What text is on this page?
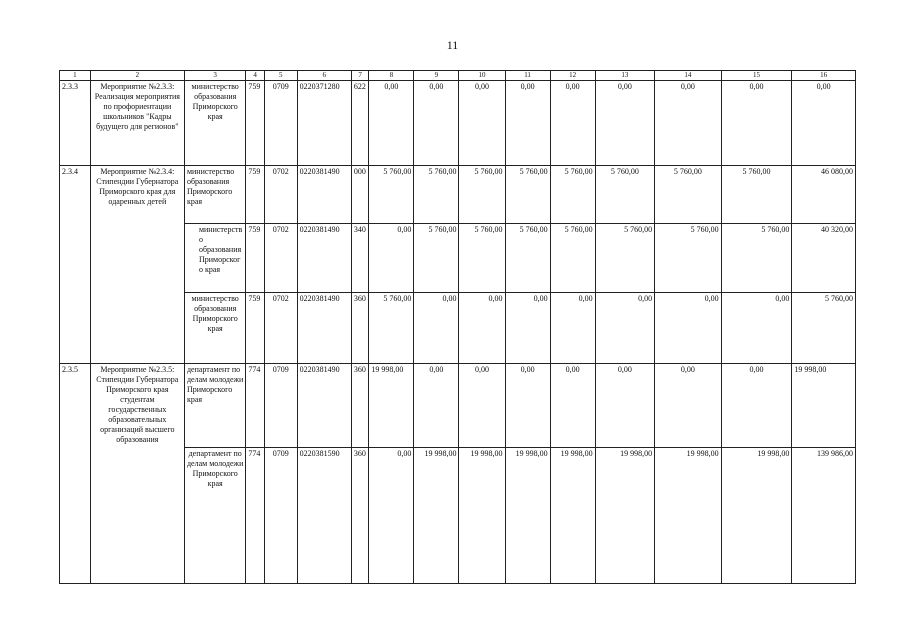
11
1	2	3	4	5	6	7	8	9	10	11	12	13	14	15	16
2.3.3	Мероприятие №2.3.3: Реализация мероприятия по профориентации школьников "Кадры будущего для регионов"	министерство образования Приморского края	759	0709	0220371280	622	0,00	0,00	0,00	0,00	0,00	0,00	0,00	0,00	0,00
2.3.4	Мероприятие №2.3.4: Стипендии Губернатора Приморского края для одаренных детей	министерство образования Приморского края	759	0702	0220381490	000	5 760,00	5 760,00	5 760,00	5 760,00	5 760,00	5 760,00	5 760,00	5 760,00	46 080,00
		министерство образования Приморского края	759	0702	0220381490	340	0,00	5 760,00	5 760,00	5 760,00	5 760,00	5 760,00	5 760,00	5 760,00	40 320,00
		министерство образования Приморского края	759	0702	0220381490	360	5 760,00	0,00	0,00	0,00	0,00	0,00	0,00	0,00	5 760,00
2.3.5	Мероприятие №2.3.5: Стипендии Губернатора Приморского края студентам государственных образовательных организаций высшего образования	департамент по делам молодежи Приморского края	774	0709	0220381490	360	19 998,00	0,00	0,00	0,00	0,00	0,00	0,00	0,00	19 998,00
		департамент по делам молодежи Приморского края	774	0709	0220381590	360	0,00	19 998,00	19 998,00	19 998,00	19 998,00	19 998,00	19 998,00	19 998,00	139 986,00
